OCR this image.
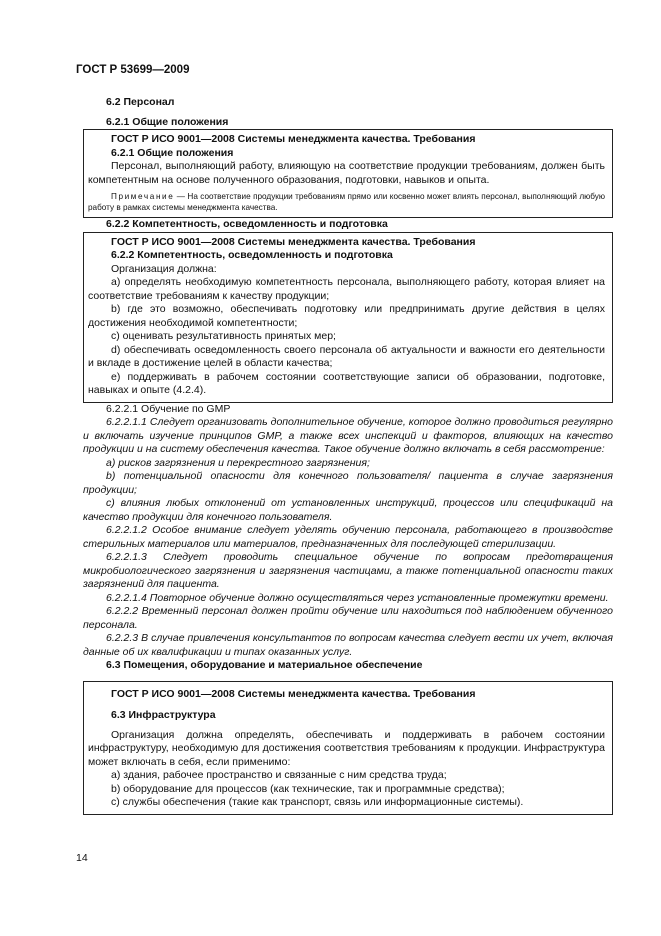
ГОСТ Р 53699—2009

6.2 Персонал

6.2.1 Общие положения

ГОСТ Р ИСО 9001—2008 Системы менеджмента качества. Требования

6.2.1 Общие положения

Персонал, выполняющий работу, влияющую на соответствие продукции требованиям, должен быть компетентным на основе полученного образования, подготовки, навыков и опыта.

Примечание — На соответствие продукции требованиям прямо или косвенно может влиять персонал, выполняющий любую работу в рамках системы менеджмента качества.

6.2.2 Компетентность, осведомленность и подготовка

ГОСТ Р ИСО 9001—2008 Системы менеджмента качества. Требования

6.2.2 Компетентность, осведомленность и подготовка

Организация должна:

a) определять необходимую компетентность персонала, выполняющего работу, которая влияет на соответствие требованиям к качеству продукции;

b) где это возможно, обеспечивать подготовку или предпринимать другие действия в целях достижения необходимой компетентности;

c) оценивать результативность принятых мер;

d) обеспечивать осведомленность своего персонала об актуальности и важности его деятельности и вкладе в достижение целей в области качества;

e) поддерживать в рабочем состоянии соответствующие записи об образовании, подготовке, навыках и опыте (4.2.4).

6.2.2.1 Обучение по GMP

6.2.2.1.1 Следует организовать дополнительное обучение, которое должно проводиться регулярно и включать изучение принципов GMP, а также всех инспекций и факторов, влияющих на качество продукции и на систему обеспечения качества. Такое обучение должно включать в себя рассмотрение:

a) рисков загрязнения и перекрестного загрязнения;

b) потенциальной опасности для конечного пользователя/ пациента в случае загрязнения продукции;

c) влияния любых отклонений от установленных инструкций, процессов или спецификаций на качество продукции для конечного пользователя.

6.2.2.1.2 Особое внимание следует уделять обучению персонала, работающего в производстве стерильных материалов или материалов, предназначенных для последующей стерилизации.

6.2.2.1.3 Следует проводить специальное обучение по вопросам предотвращения микробиологического загрязнения и загрязнения частицами, а также потенциальной опасности таких загрязнений для пациента.

6.2.2.1.4 Повторное обучение должно осуществляться через установленные промежутки времени.

6.2.2.2 Временный персонал должен пройти обучение или находиться под наблюдением обученного персонала.

6.2.2.3 В случае привлечения консультантов по вопросам качества следует вести их учет, включая данные об их квалификации и типах оказанных услуг.

6.3 Помещения, оборудование и материальное обеспечение

ГОСТ Р ИСО 9001—2008 Системы менеджмента качества. Требования

6.3 Инфраструктура

Организация должна определять, обеспечивать и поддерживать в рабочем состоянии инфраструктуру, необходимую для достижения соответствия требованиям к продукции. Инфраструктура может включать в себя, если применимо:

a) здания, рабочее пространство и связанные с ним средства труда;

b) оборудование для процессов (как технические, так и программные средства);

c) службы обеспечения (такие как транспорт, связь или информационные системы).

14
